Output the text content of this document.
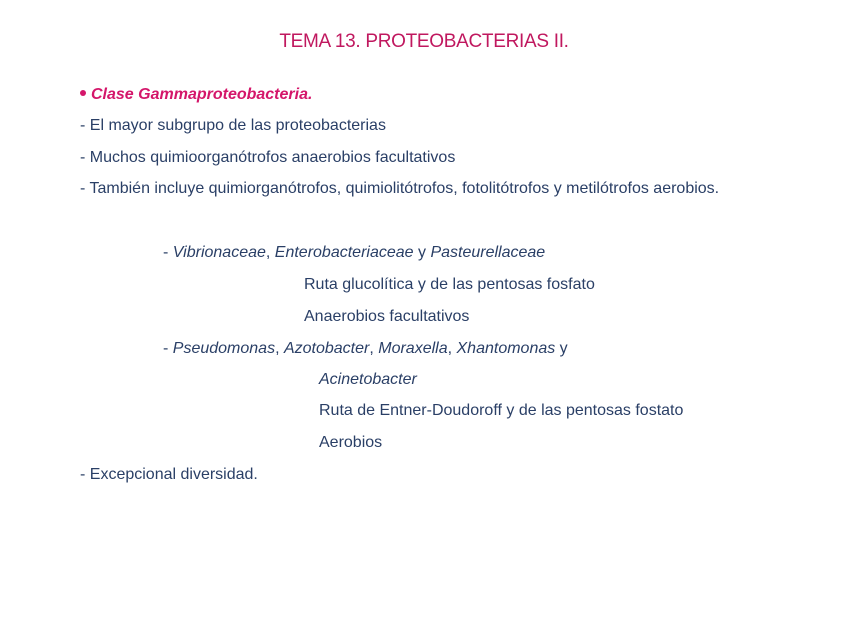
TEMA 13. PROTEOBACTERIAS II.
Clase Gammaproteobacteria.
- El mayor subgrupo de las proteobacterias
- Muchos quimioorganótrofos anaerobios facultativos
- También incluye quimiorganótrofos, quimiolitótrofos, fotolitótrofos y metilótrofos aerobios.
- Vibrionaceae, Enterobacteriaceae y Pasteurellaceae
Ruta glucolítica y de las pentosas fosfato
Anaerobios facultativos
- Pseudomonas, Azotobacter, Moraxella, Xhantomonas y
Acinetobacter
Ruta de Entner-Doudoroff y de las pentosas fostato
Aerobios
- Excepcional diversidad.
